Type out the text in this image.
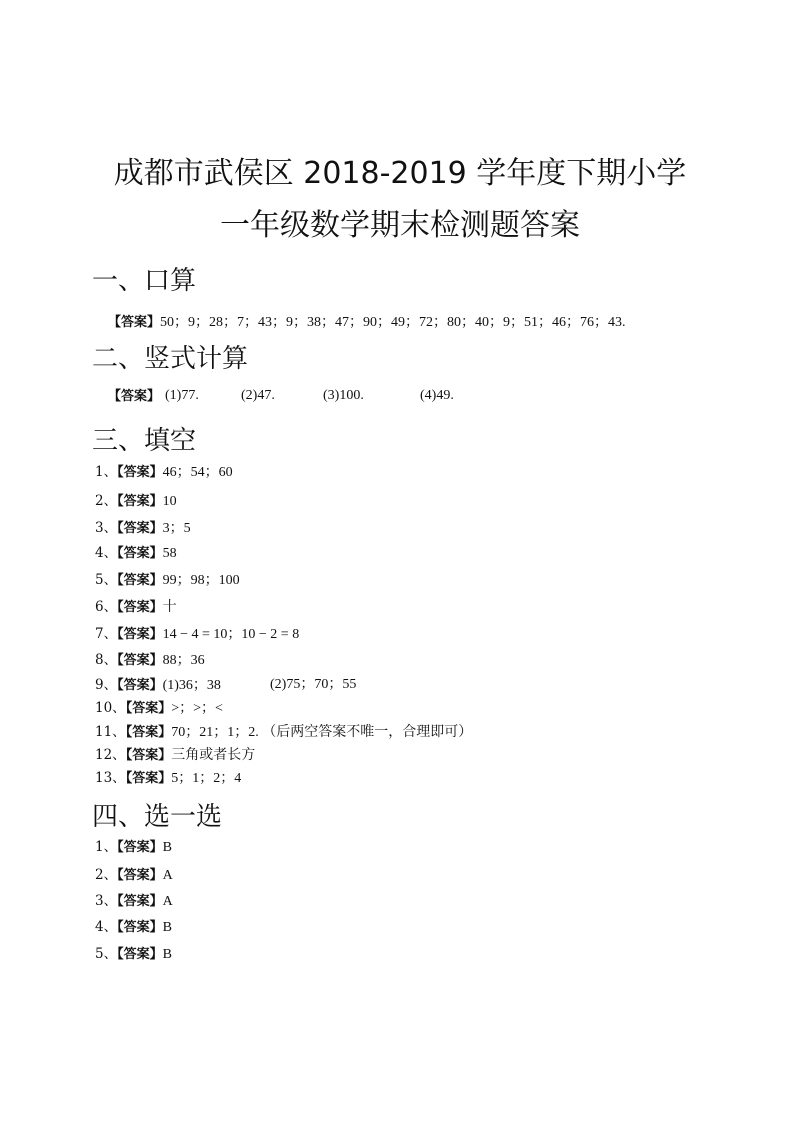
成都市武侯区 2018-2019 学年度下期小学
一年级数学期末检测题答案
一、口算
【答案】50；9；28；7；43；9；38；47；90；49；72；80；40；9；51；46；76；43.
二、竖式计算
【答案】 (1)77.	(2)47.	(3)100.	(4)49.
三、填空
1、【答案】46；54；60
2、【答案】10
3、【答案】3；5
4、【答案】58
5、【答案】99；98；100
6、【答案】十
7、【答案】14 − 4 = 10；10 − 2 = 8
8、【答案】88；36
9、【答案】(1)36；38	(2)75；70；55
10、【答案】>；>；<
11、【答案】70；21；1；2. （后两空答案不唯一，合理即可）
12、【答案】三角或者长方
13、【答案】5；1；2；4
四、选一选
1、【答案】B
2、【答案】A
3、【答案】A
4、【答案】B
5、【答案】B
